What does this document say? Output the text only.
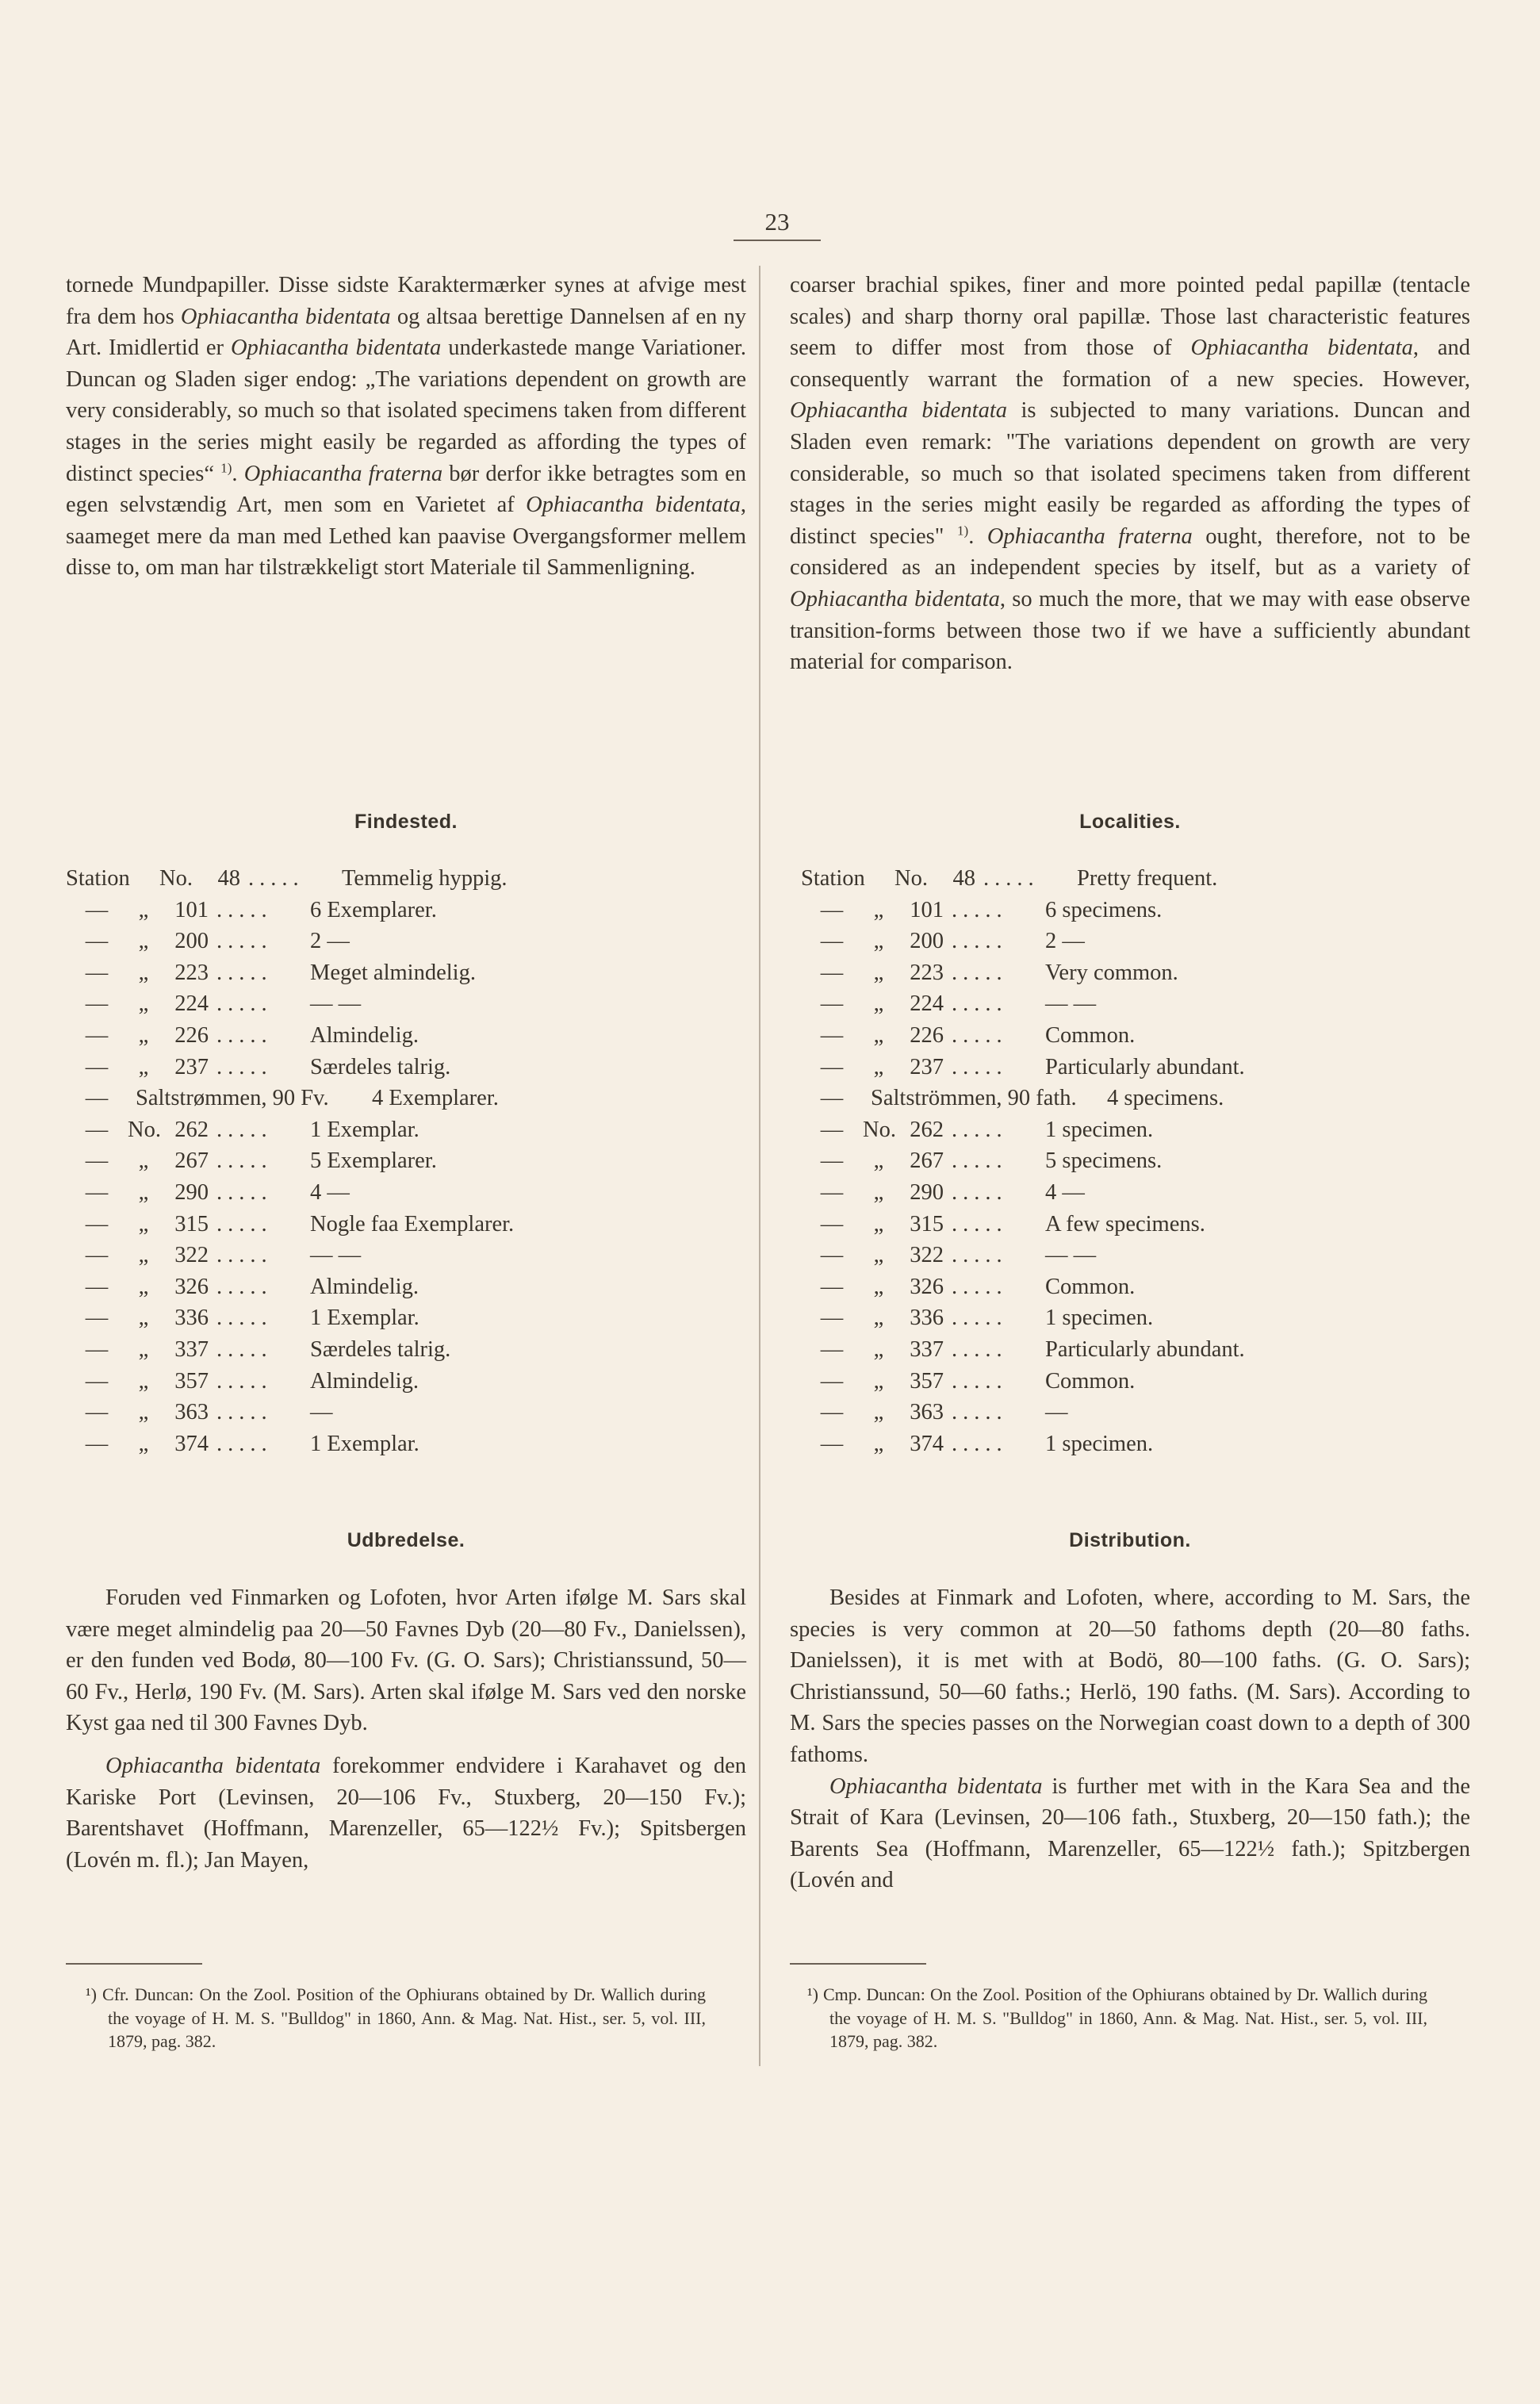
23

tornede Mundpapiller. Disse sidste Karaktermærker synes at afvige mest fra dem hos Ophiacantha bidentata og altsaa berettige Dannelsen af en ny Art. Imidlertid er Ophiacantha bidentata underkastede mange Variationer. Duncan og Sladen siger endog: „The variations dependent on growth are very considerably, so much so that isolated specimens taken from different stages in the series might easily be regarded as affording the types of distinct species“ $^{1)}$. Ophiacantha fraterna bør derfor ikke betragtes som en egen selvstændig Art, men som en Varietet af Ophiacantha bidentata, saameget mere da man med Lethed kan paavise Overgangsformer mellem disse to, om man har tilstrækkeligt stort Materiale til Sammenligning.

Findested.
Station	No.	48 .....	Temmelig hyppig.
—	„	101 .....	6 Exemplarer.
—	„	200 .....	2 —
—	„	223 .....	Meget almindelig.
—	„	224 .....	— —
—	„	226 .....	Almindelig.
—	„	237 .....	Særdeles talrig.
—	Saltstrømmen, 90 Fv.	4 Exemplarer.
— No. 262 .....	1 Exemplar.
—	„	267 .....	5 Exemplarer.
—	„	290 .....	4 —
—	„	315 .....	Nogle faa Exemplarer.
—	„	322 .....	— —
—	„	326 .....	Almindelig.
—	„	336 .....	1 Exemplar.
—	„	337 .....	Særdeles talrig.
—	„	357 .....	Almindelig.
—	„	363 .....	—
—	„	374 .....	1 Exemplar.
Udbredelse.

Foruden ved Finmarken og Lofoten, hvor Arten ifølge M. Sars skal være meget almindelig paa 20—50 Favnes Dyb (20—80 Fv., Danielssen), er den funden ved Bodø, 80—100 Fv. (G. O. Sars); Christianssund, 50—60 Fv., Herlø, 190 Fv. (M. Sars). Arten skal ifølge M. Sars ved den norske Kyst gaa ned til 300 Favnes Dyb.

Ophiacantha bidentata forekommer endvidere i Karahavet og den Kariske Port (Levinsen, 20—106 Fv., Stuxberg, 20—150 Fv.); Barentshavet (Hoffmann, Marenzeller, 65—122½ Fv.); Spitsbergen (Lovén m. fl.); Jan Mayen,

¹) Cfr. Duncan: On the Zool. Position of the Ophiurans obtained by Dr. Wallich during the voyage of H. M. S. "Bulldog" in 1860, Ann. & Mag. Nat. Hist., ser. 5, vol. III, 1879, pag. 382.

coarser brachial spikes, finer and more pointed pedal papillæ (tentacle scales) and sharp thorny oral papillæ. Those last characteristic features seem to differ most from those of Ophiacantha bidentata, and consequently warrant the formation of a new species. However, Ophiacantha bidentata is subjected to many variations. Duncan and Sladen even remark: "The variations dependent on growth are very considerable, so much so that isolated specimens taken from different stages in the series might easily be regarded as affording the types of distinct species" $^{1)}$. Ophiacantha fraterna ought, therefore, not to be considered as an independent species by itself, but as a variety of Ophiacantha bidentata, so much the more, that we may with ease observe transition-forms between those two if we have a sufficiently abundant material for comparison.

Localities.
Station	No.	48 .....	Pretty frequent.
—	„	101 .....	6 specimens.
—	„	200 .....	2 —
—	„	223 .....	Very common.
—	„	224 .....	— —
—	„	226 .....	Common.
—	„	237 .....	Particularly abundant.
—	Saltströmmen, 90 fath.	4 specimens.
— No. 262 .....	1 specimen.
—	„	267 .....	5 specimens.
—	„	290 .....	4 —
—	„	315 .....	A few specimens.
—	„	322 .....	— —
—	„	326 .....	Common.
—	„	336 .....	1 specimen.
—	„	337 .....	Particularly abundant.
—	„	357 .....	Common.
—	„	363 .....	—
—	„	374 .....	1 specimen.
Distribution.

Besides at Finmark and Lofoten, where, according to M. Sars, the species is very common at 20—50 fathoms depth (20—80 faths. Danielssen), it is met with at Bodö, 80—100 faths. (G. O. Sars); Christianssund, 50—60 faths.; Herlö, 190 faths. (M. Sars). According to M. Sars the species passes on the Norwegian coast down to a depth of 300 fathoms.

Ophiacantha bidentata is further met with in the Kara Sea and the Strait of Kara (Levinsen, 20—106 fath., Stuxberg, 20—150 fath.); the Barents Sea (Hoffmann, Marenzeller, 65—122½ fath.); Spitzbergen (Lovén and

¹) Cmp. Duncan: On the Zool. Position of the Ophiurans obtained by Dr. Wallich during the voyage of H. M. S. "Bulldog" in 1860, Ann. & Mag. Nat. Hist., ser. 5, vol. III, 1879, pag. 382.
